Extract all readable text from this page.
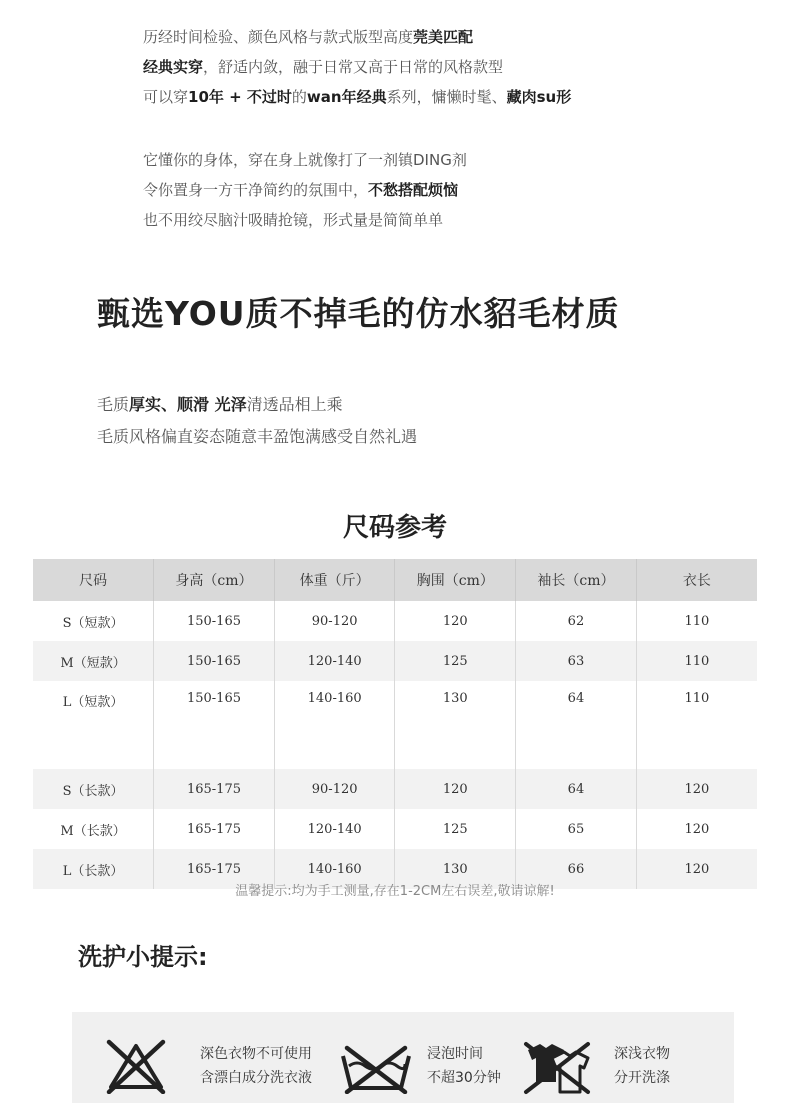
历经时间检验、颜色风格与款式版型高度莞美匹配

经典实穿，舒适内敛，融于日常又高于日常的风格款型

可以穿10年 + 不过时的wan年经典系列，慵懒时髦、藏肉su形

它懂你的身体，穿在身上就像打了一剂镇DING剂

令你置身一方干净简约的氛围中，不愁搭配烦恼

也不用绞尽脑汁吸睛抢镜，形式量是简简单单

甄选YOU质不掉毛的仿水貂毛材质

毛质厚实、顺滑 光泽清透品相上乘

毛质风格偏直姿态随意丰盈饱满感受自然礼遇

尺码参考
尺码	身高（cm）	体重（斤）	胸围（cm）	袖长（cm）	衣长
S（短款）	150-165	90-120	120	62	110
M（短款）	150-165	120-140	125	63	110
L（短款）	150-165	140-160	130	64	110

S（长款）	165-175	90-120	120	64	120
M（长款）	165-175	120-140	125	65	120
L（长款）	165-175	140-160	130	66	120
温馨提示:均为手工测量,存在1-2CM左右误差,敬请谅解!
洗护小提示:

深色衣物不可使用

含漂白成分洗衣液

浸泡时间

不超30分钟

深浅衣物

分开洗涤
